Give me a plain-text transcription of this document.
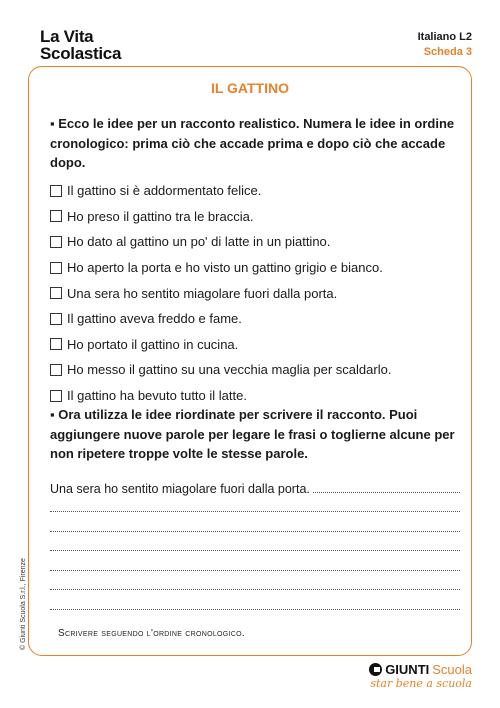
La Vita
Scolastica
Italiano L2
Scheda 3
IL GATTINO
▪ Ecco le idee per un racconto realistico. Numera le idee in ordine cronologico: prima ciò che accade prima e dopo ciò che accade dopo.
Il gattino si è addormentato felice.
Ho preso il gattino tra le braccia.
Ho dato al gattino un po' di latte in un piattino.
Ho aperto la porta e ho visto un gattino grigio e bianco.
Una sera ho sentito miagolare fuori dalla porta.
Il gattino aveva freddo e fame.
Ho portato il gattino in cucina.
Ho messo il gattino su una vecchia maglia per scaldarlo.
Il gattino ha bevuto tutto il latte.
▪ Ora utilizza le idee riordinate per scrivere il racconto. Puoi aggiungere nuove parole per legare le frasi o toglierne alcune per non ripetere troppe volte le stesse parole.
Una sera ho sentito miagolare fuori dalla porta.
Scrivere seguendo l'ordine cronologico.
© Giunti Scuola S.r.l., Firenze
GIUNTI Scuola
star bene a scuola
